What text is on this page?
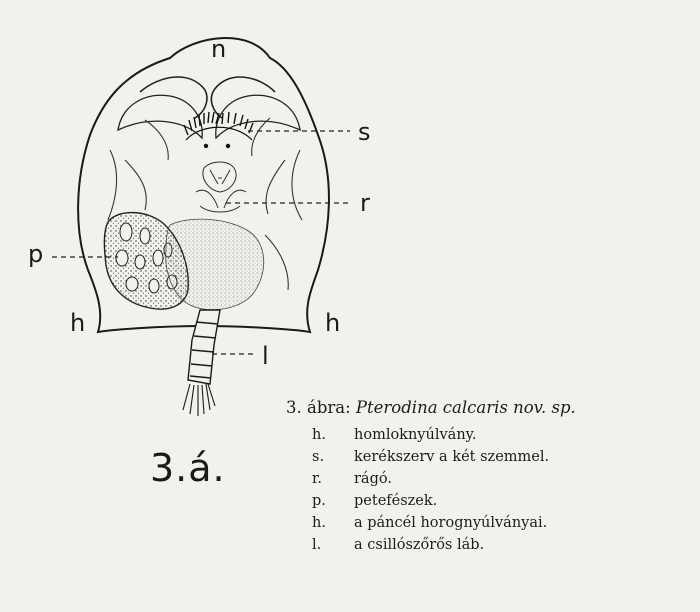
n
s
r
p
h	h
l
3.á.
3. ábra: Pterodina calcaris nov. sp.
h.	homloknyúlvány.
s.	kerékszerv a két szemmel.
r.	rágó.
p.	petefészek.
h.	a páncél horognyúlványai.
l.	a csillószőrős láb.
